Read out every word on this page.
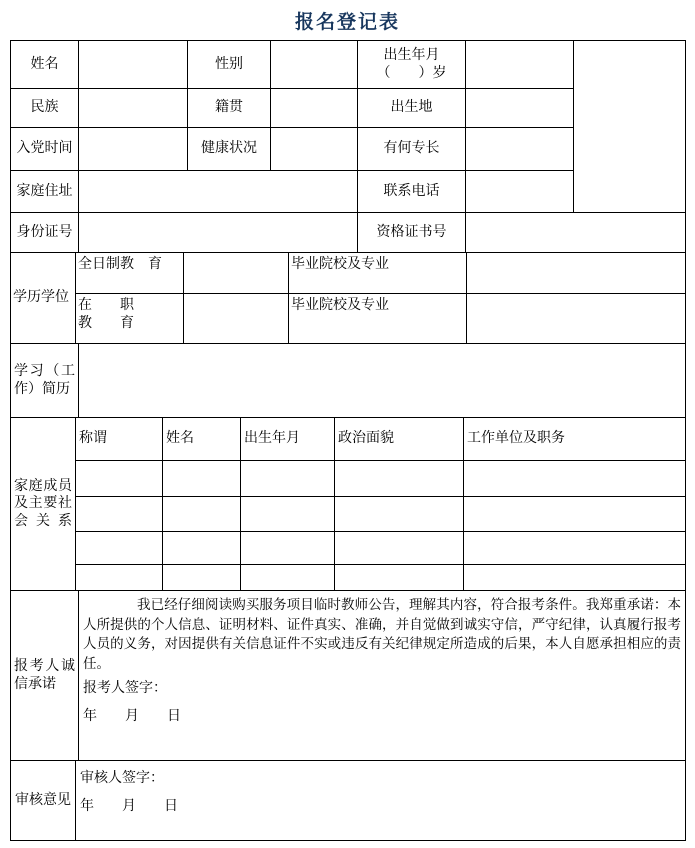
报名登记表
姓名		性别		出生年月
（　　）岁		

民族		籍贯		出生地		
入党时间		健康状况		有何专长		
家庭住址				联系电话		
身份证号				资格证书号		
学历学位	全日制教　育		毕业院校及专业	

	在　　职
教　　育		毕业院校及专业	
学习（工作）简历	
家庭成员及主要社会关系	称谓	姓名	出生年月	政治面貌	工作单位及职务

报考人诚信承诺	

我已经仔细阅读购买服务项目临时教师公告，理解其内容，符合报考条件。我郑重承诺：本人所提供的个人信息、证明材料、证件真实、准确，并自觉做到诚实守信，严守纪律，认真履行报考人员的义务，对因提供有关信息证件不实或违反有关纪律规定所造成的后果，本人自愿承担相应的责任。

报考人签字：
年　　月　　日
审核意见	
审核人签字：
年　　月　　日
